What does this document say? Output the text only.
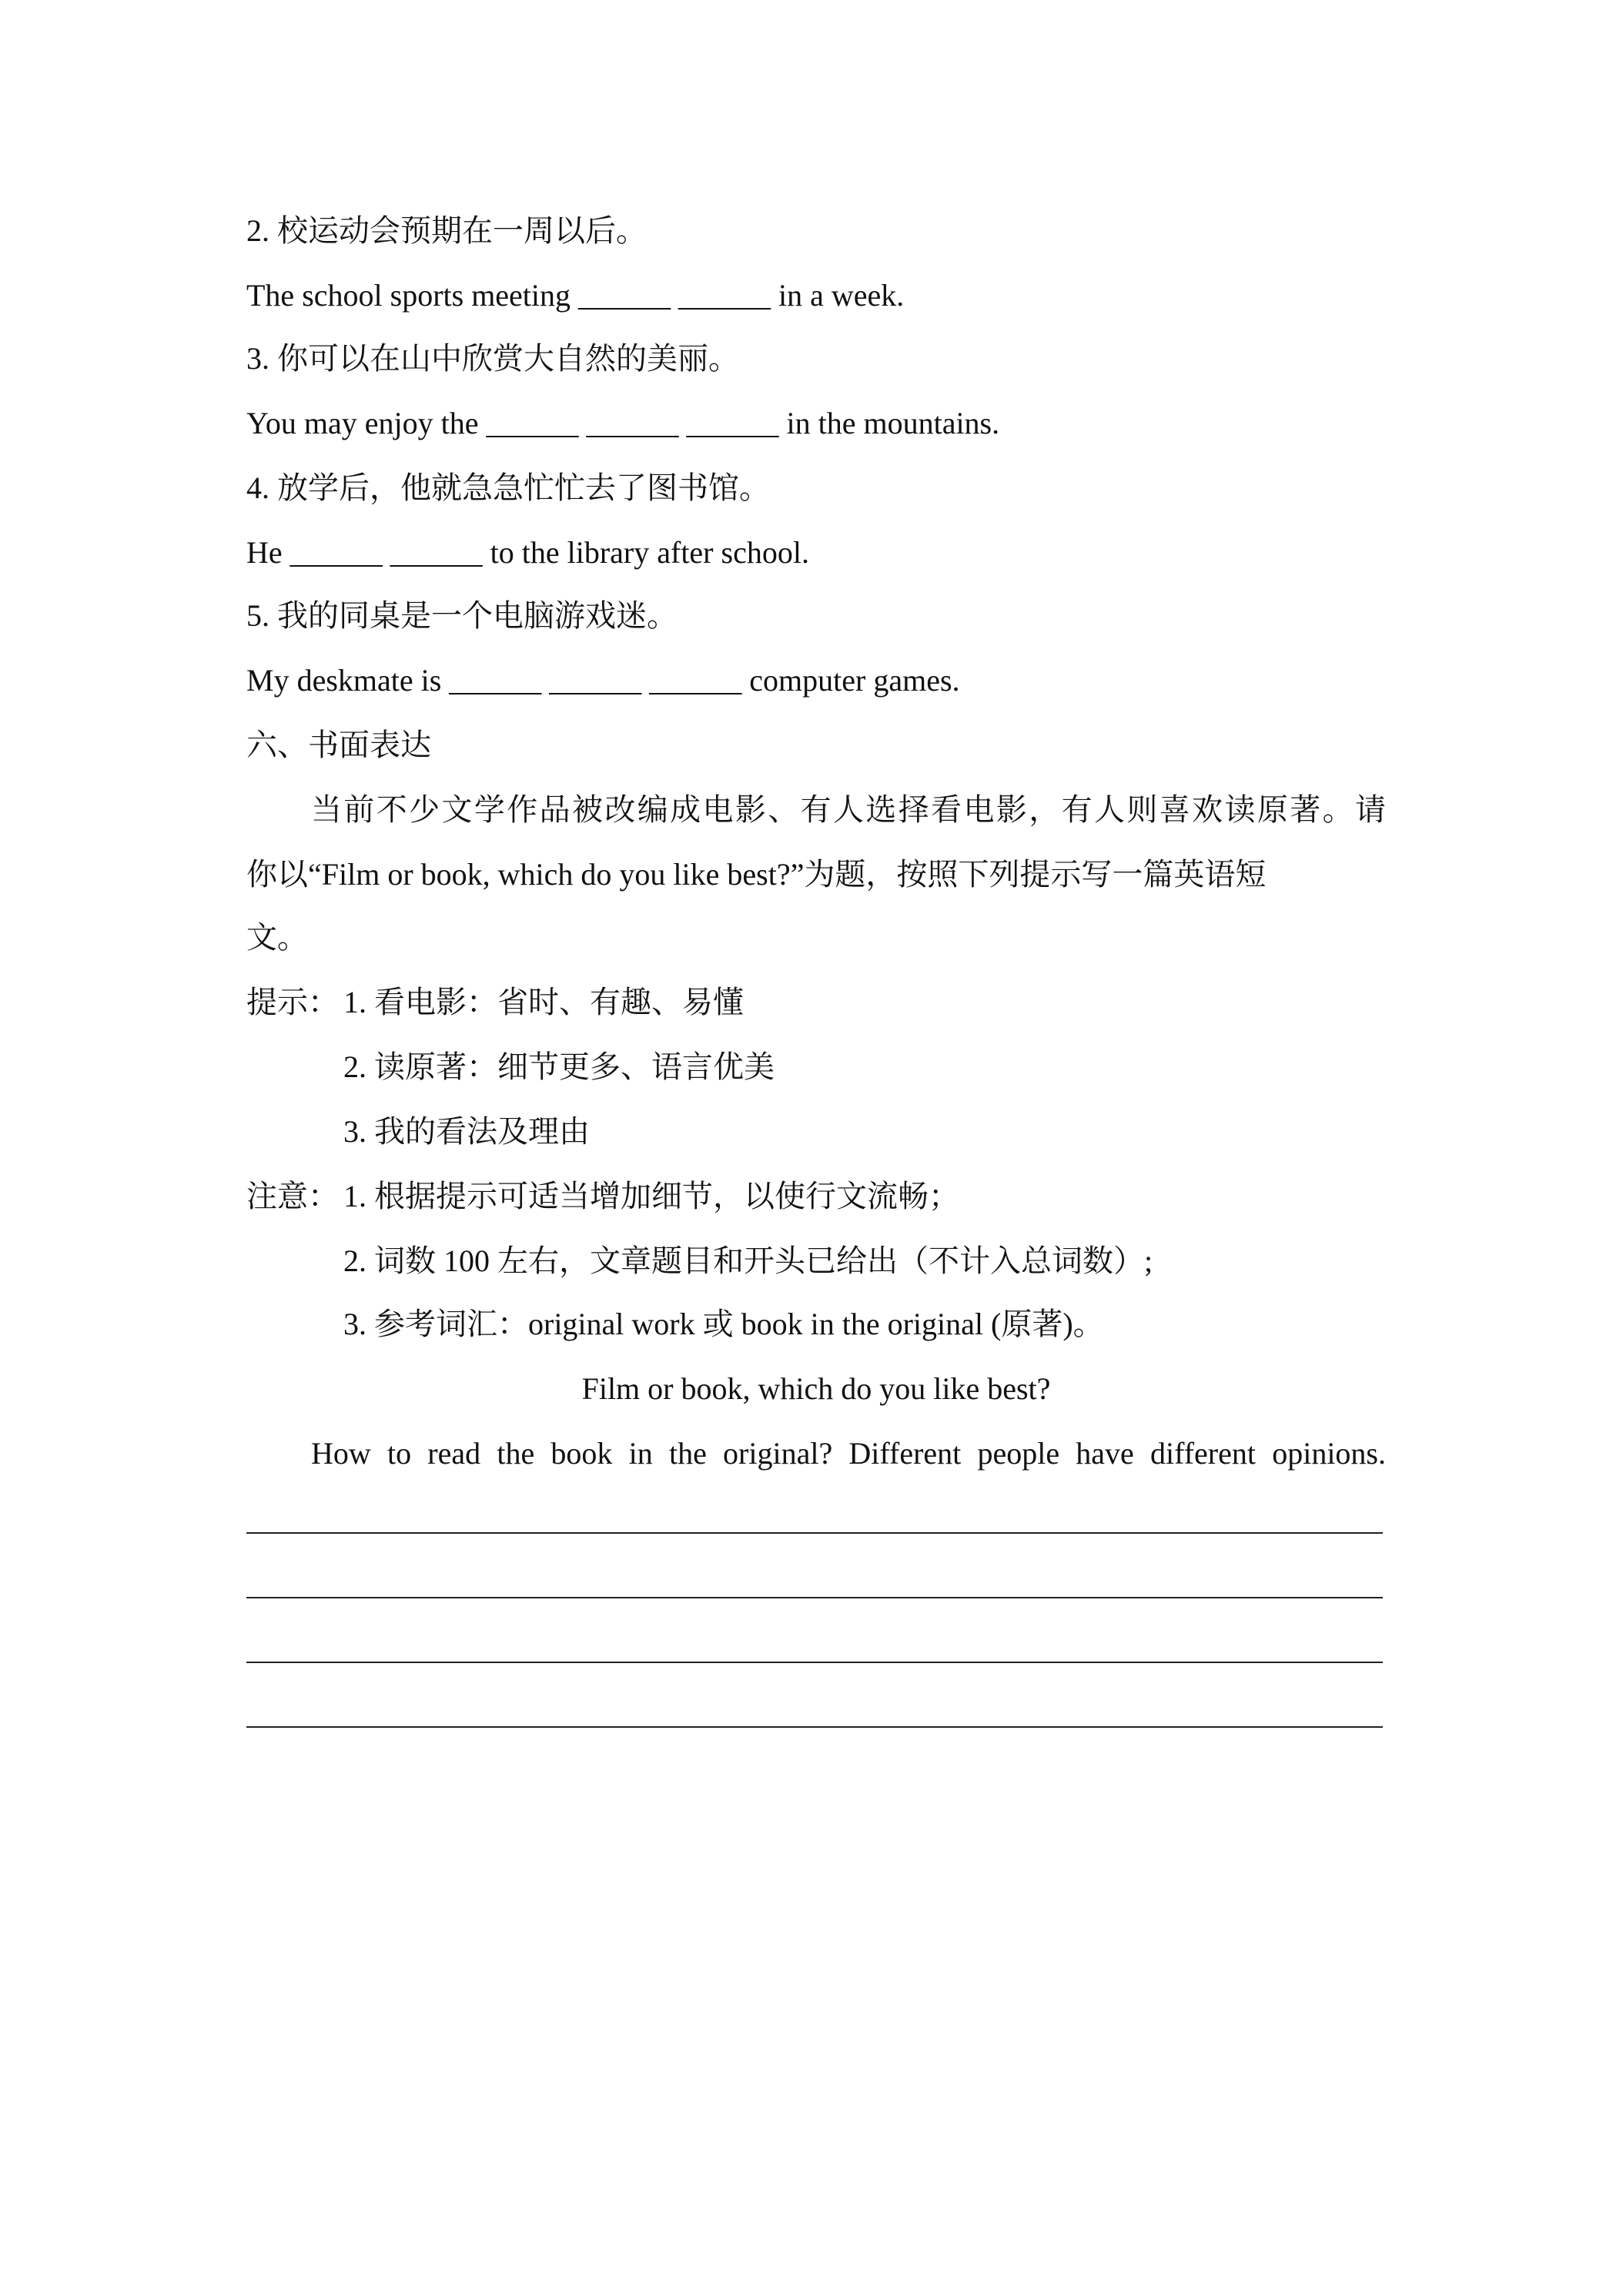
2. 校运动会预期在一周以后。
The school sports meeting ______ ______ in a week.
3. 你可以在山中欣赏大自然的美丽。
You may enjoy the ______ ______ ______ in the mountains.
4. 放学后，他就急急忙忙去了图书馆。
He ______ ______ to the library after school.
5. 我的同桌是一个电脑游戏迷。
My deskmate is ______ ______ ______ computer games.
六、书面表达
当前不少文学作品被改编成电影、有人选择看电影，有人则喜欢读原著。请
你以“Film or book, which do you like best?”为题，按照下列提示写一篇英语短
文。
提示： 1. 看电影：省时、有趣、易懂
2. 读原著：细节更多、语言优美
3. 我的看法及理由
注意： 1. 根据提示可适当增加细节，以使行文流畅；
2. 词数 100 左右，文章题目和开头已给出（不计入总词数）;
3. 参考词汇：original work 或 book in the original (原著)。
Film or book, which do you like best?
How to read the book in the original? Different people have different opinions.
